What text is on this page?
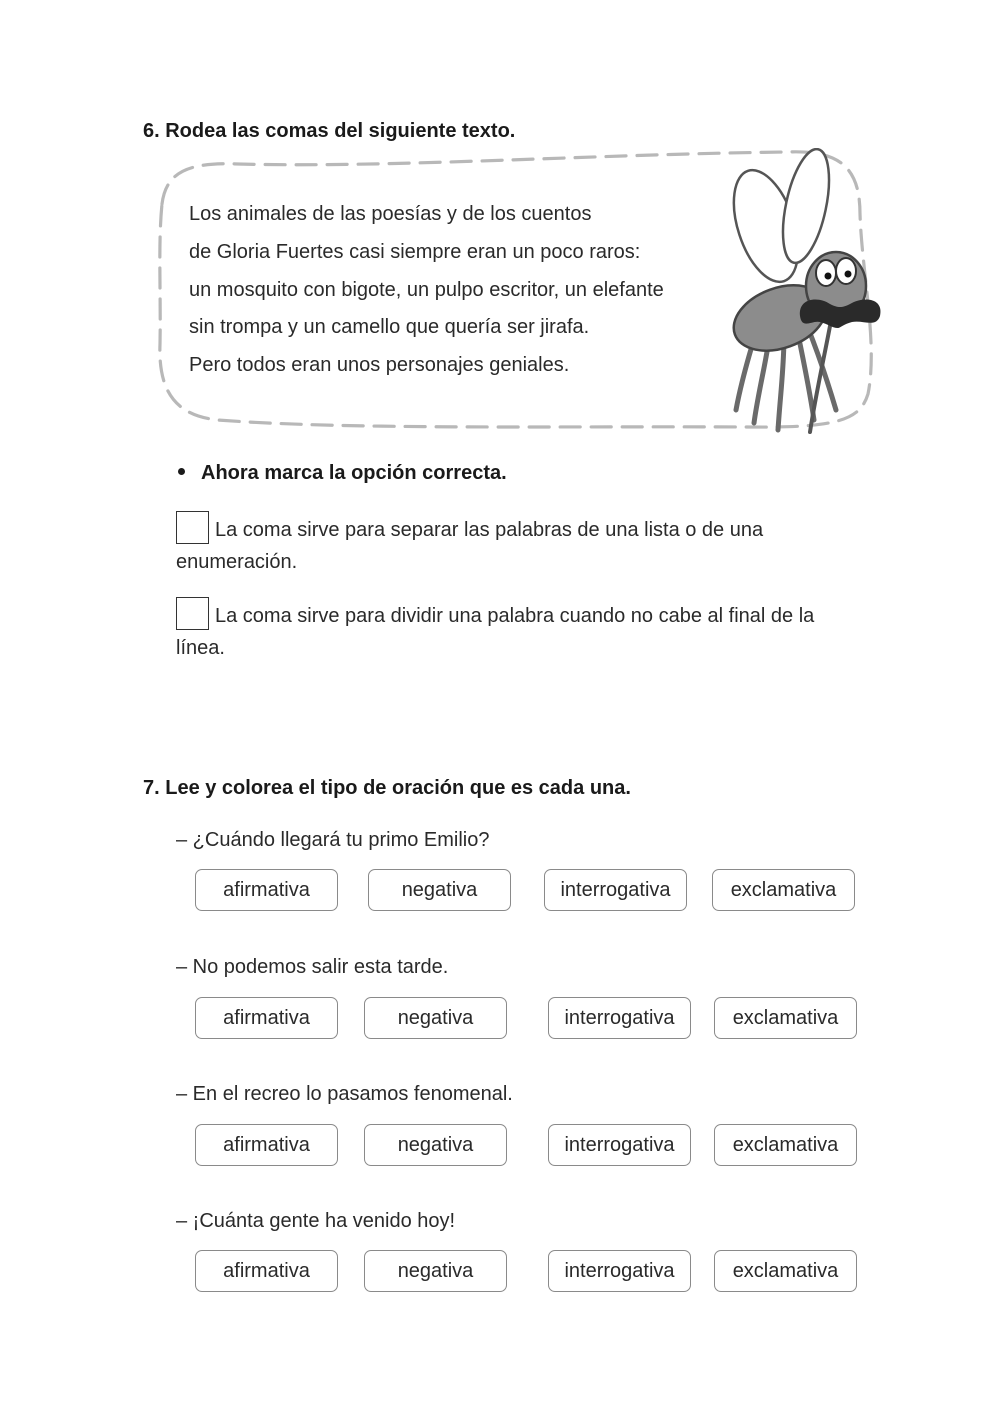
6. Rodea las comas del siguiente texto.
Los animales de las poesías y de los cuentos
de Gloria Fuertes casi siempre eran un poco raros:
un mosquito con bigote, un pulpo escritor, un elefante
sin trompa y un camello que quería ser jirafa.
Pero todos eran unos personajes geniales.
Ahora marca la opción correcta.
La coma sirve para separar las palabras de una lista o de una enumeración.
La coma sirve para dividir una palabra cuando no cabe al final de la línea.
7. Lee y colorea el tipo de oración que es cada una.
– ¿Cuándo llegará tu primo Emilio?
afirmativa	negativa	interrogativa	exclamativa
– No podemos salir esta tarde.
afirmativa	negativa	interrogativa	exclamativa
– En el recreo lo pasamos fenomenal.
afirmativa	negativa	interrogativa	exclamativa
– ¡Cuánta gente ha venido hoy!
afirmativa	negativa	interrogativa	exclamativa
